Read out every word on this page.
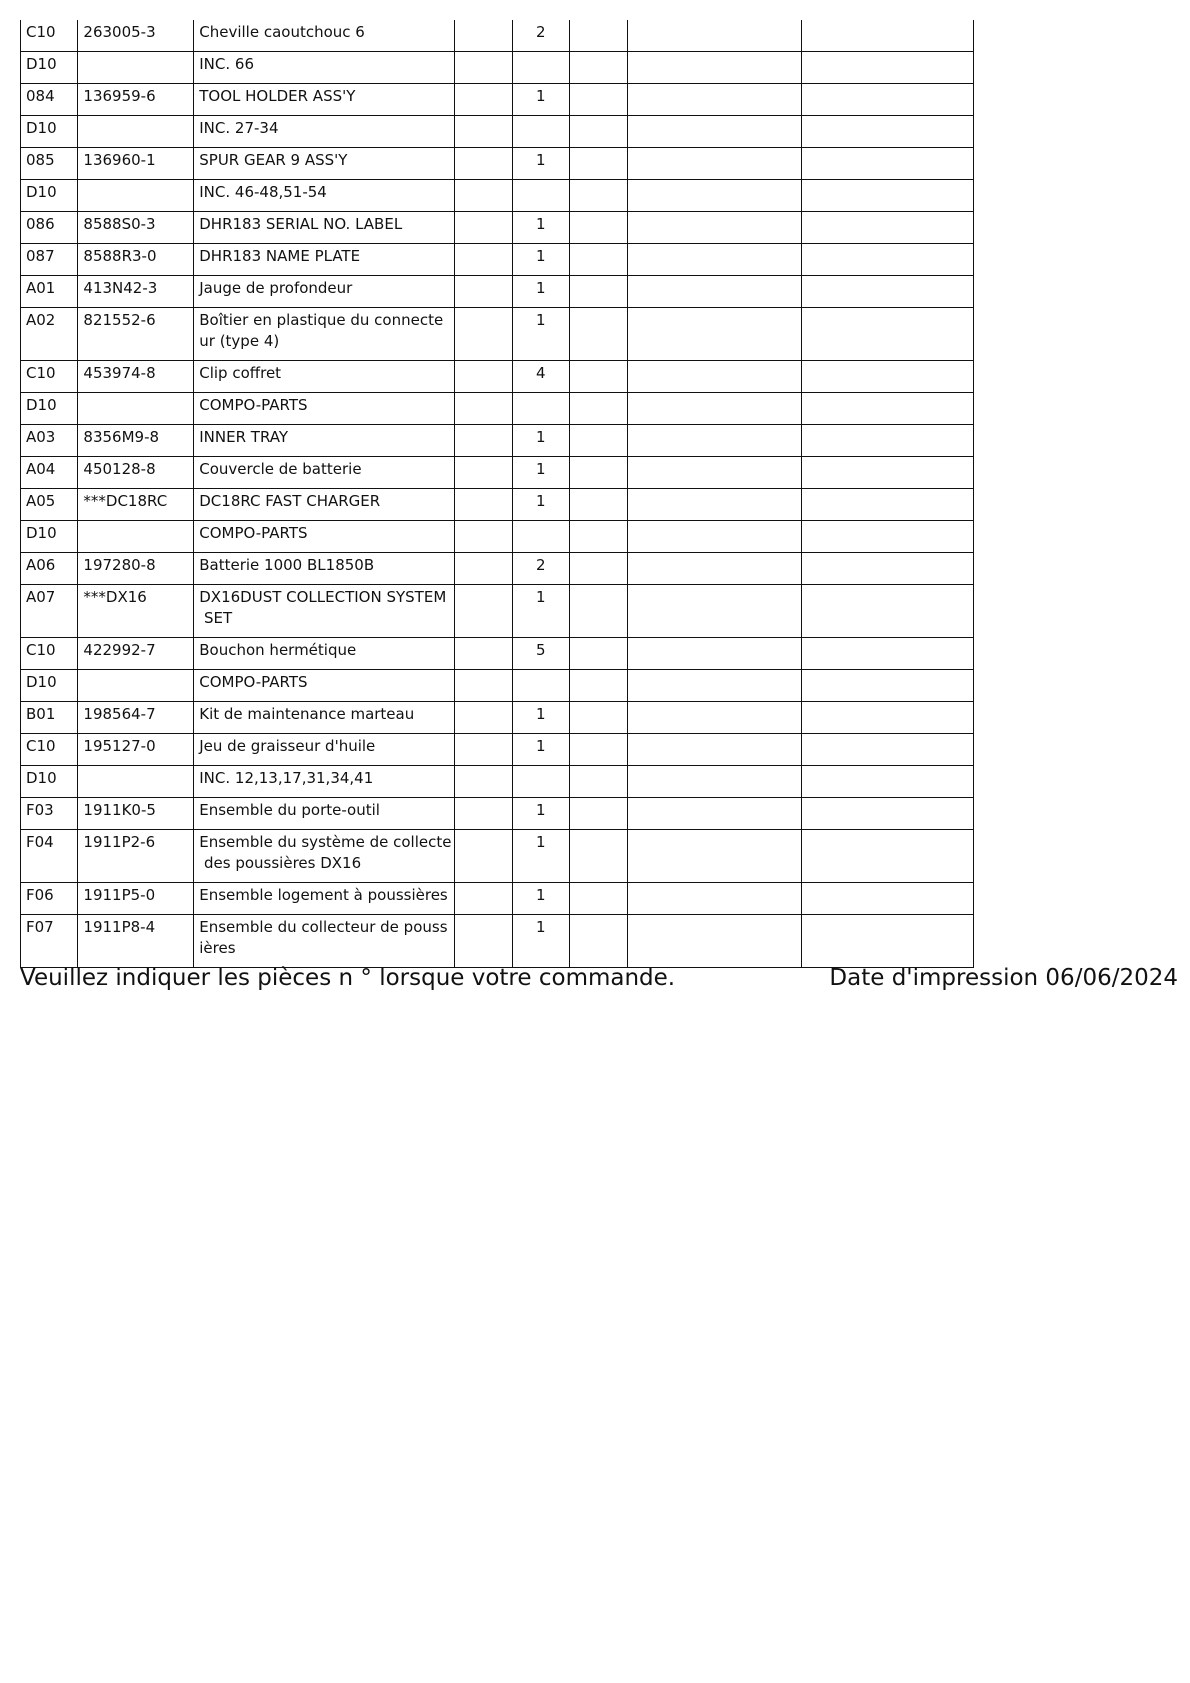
C10	263005-3	Cheville caoutchouc 6		2			
D10		INC. 66					

084	136959-6	TOOL HOLDER ASS'Y		1			
D10		INC. 27-34					

085	136960-1	SPUR GEAR 9 ASS'Y		1			
D10		INC. 46-48,51-54					

086	8588S0-3	DHR183 SERIAL NO. LABEL		1			
087	8588R3-0	DHR183 NAME PLATE		1			
A01	413N42-3	Jauge de profondeur		1			
A02	821552-6	Boîtier en plastique du connecte
ur (type 4)		1			
C10	453974-8	Clip coffret		4			
D10		COMPO-PARTS					

A03	8356M9-8	INNER TRAY		1			
A04	450128-8	Couvercle de batterie		1			
A05	***DC18RC	DC18RC FAST CHARGER		1			
D10		COMPO-PARTS					

A06	197280-8	Batterie 1000 BL1850B		2			
A07	***DX16	DX16DUST COLLECTION SYSTEM
SET		1			
C10	422992-7	Bouchon hermétique		5			
D10		COMPO-PARTS					

B01	198564-7	Kit de maintenance marteau		1			
C10	195127-0	Jeu de graisseur d'huile		1			
D10		INC. 12,13,17,31,34,41					

F03	1911K0-5	Ensemble du porte-outil		1			
F04	1911P2-6	Ensemble du système de collecte
des poussières DX16		1			
F06	1911P5-0	Ensemble logement à poussières		1			
F07	1911P8-4	Ensemble du collecteur de pouss
ières		1			
Veuillez indiquer les pièces n ° lorsque votre commande.	Date d'impression 06/06/2024
